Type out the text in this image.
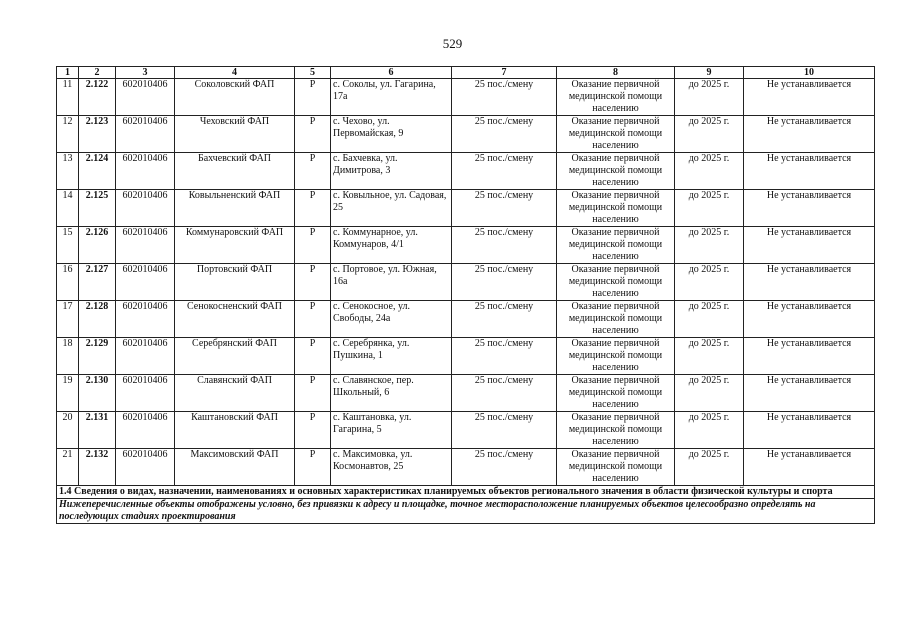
529
1	2	3	4	5	6	7	8	9	10
11	2.122	602010406	Соколовский ФАП	Р	с. Соколы, ул. Гагарина, 17а	25 пос./смену	Оказание первичной медицинской помощи населению	до 2025 г.	Не устанавливается
12	2.123	602010406	Чеховский ФАП	Р	с. Чехово, ул. Первомайская, 9	25 пос./смену	Оказание первичной медицинской помощи населению	до 2025 г.	Не устанавливается
13	2.124	602010406	Бахчевский ФАП	Р	с. Бахчевка, ул. Димитрова, 3	25 пос./смену	Оказание первичной медицинской помощи населению	до 2025 г.	Не устанавливается
14	2.125	602010406	Ковыльненский ФАП	Р	с. Ковыльное, ул. Садовая, 25	25 пос./смену	Оказание первичной медицинской помощи населению	до 2025 г.	Не устанавливается
15	2.126	602010406	Коммунаровский ФАП	Р	с. Коммунарное, ул. Коммунаров, 4/1	25 пос./смену	Оказание первичной медицинской помощи населению	до 2025 г.	Не устанавливается
16	2.127	602010406	Портовский ФАП	Р	с. Портовое, ул. Южная, 16а	25 пос./смену	Оказание первичной медицинской помощи населению	до 2025 г.	Не устанавливается
17	2.128	602010406	Сенокосненский ФАП	Р	с. Сенокосное, ул. Свободы, 24а	25 пос./смену	Оказание первичной медицинской помощи населению	до 2025 г.	Не устанавливается
18	2.129	602010406	Серебрянский ФАП	Р	с. Серебрянка, ул. Пушкина, 1	25 пос./смену	Оказание первичной медицинской помощи населению	до 2025 г.	Не устанавливается
19	2.130	602010406	Славянский ФАП	Р	с. Славянское, пер. Школьный, 6	25 пос./смену	Оказание первичной медицинской помощи населению	до 2025 г.	Не устанавливается
20	2.131	602010406	Каштановский ФАП	Р	с. Каштановка, ул. Гагарина, 5	25 пос./смену	Оказание первичной медицинской помощи населению	до 2025 г.	Не устанавливается
21	2.132	602010406	Максимовский ФАП	Р	с. Максимовка, ул. Космонавтов, 25	25 пос./смену	Оказание первичной медицинской помощи населению	до 2025 г.	Не устанавливается
1.4 Сведения о видах, назначении, наименованиях и основных характеристиках планируемых объектов регионального значения в области физической культуры и спорта									
Нижеперечисленные объекты отображены условно, без привязки к адресу и площадке, точное месторасположение планируемых объектов целесообразно определять на последующих стадиях проектирования									
